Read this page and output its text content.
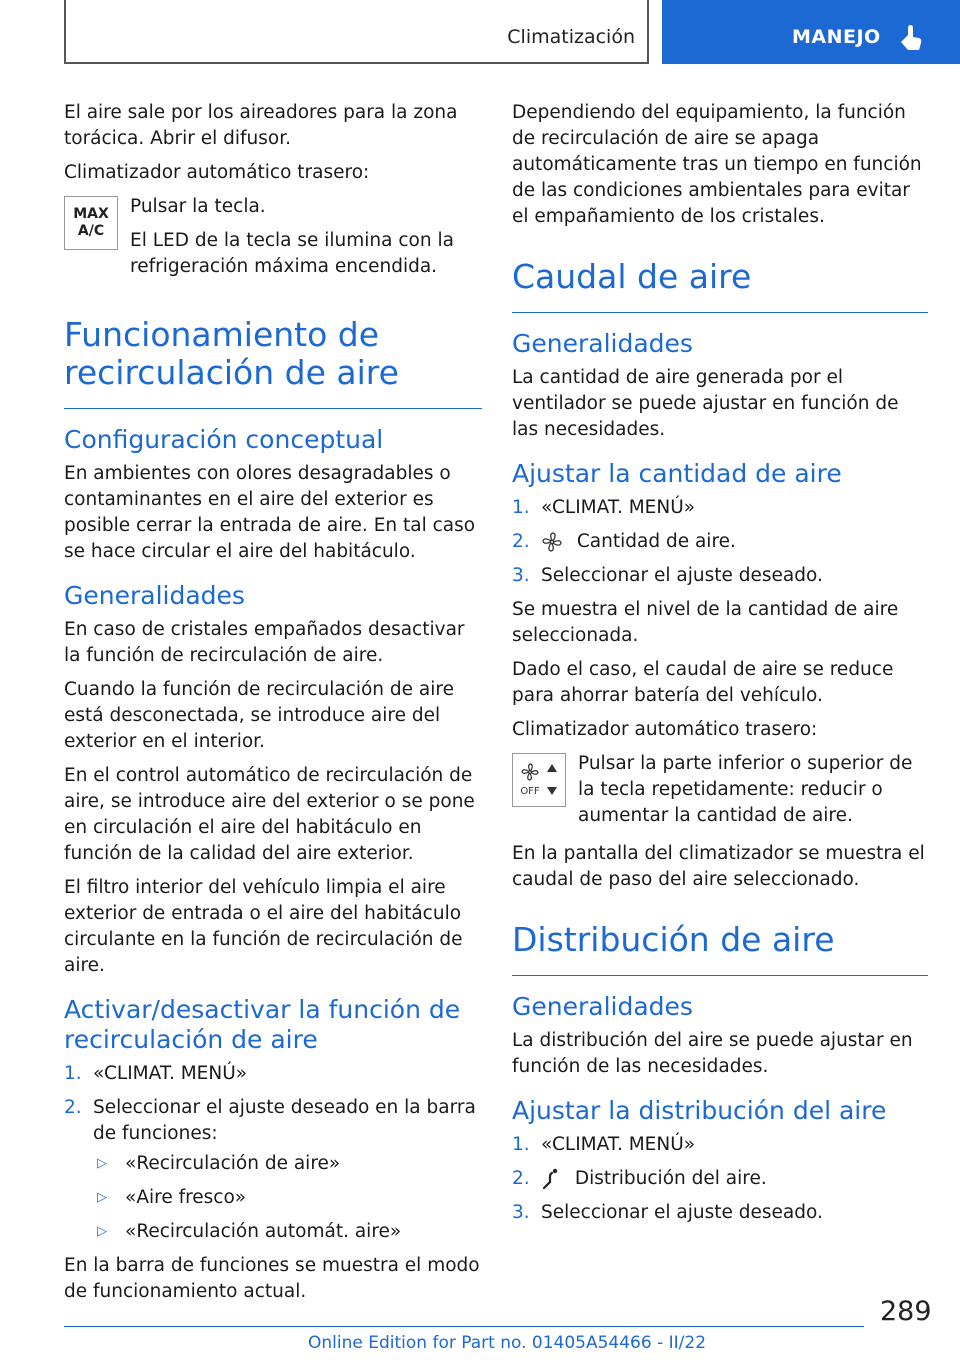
Climatización	MANEJO

El aire sale por los aireadores para la zona torácica. Abrir el difusor.

Climatizador automático trasero:

MAX
A/C

Pulsar la tecla.

El LED de la tecla se ilumina con la refrigeración máxima encendida.

Funcionamiento de recirculación de aire
Configuración conceptual

En ambientes con olores desagradables o contaminantes en el aire del exterior es posible cerrar la entrada de aire. En tal caso se hace circular el aire del habitáculo.

Generalidades

En caso de cristales empañados desactivar la función de recirculación de aire.

Cuando la función de recirculación de aire está desconectada, se introduce aire del exterior en el interior.

En el control automático de recirculación de aire, se introduce aire del exterior o se pone en circulación el aire del habitáculo en función de la calidad del aire exterior.

El filtro interior del vehículo limpia el aire exterior de entrada o el aire del habitáculo circulante en la función de recirculación de aire.

Activar/desactivar la función de recirculación de aire
1. «CLIMAT. MENÚ»
2. Seleccionar el ajuste deseado en la barra de funciones:
▷ «Recirculación de aire»
▷ «Aire fresco»
▷ «Recirculación automát. aire»

En la barra de funciones se muestra el modo de funcionamiento actual.

Dependiendo del equipamiento, la función de recirculación de aire se apaga automáticamente tras un tiempo en función de las condiciones ambientales para evitar el empañamiento de los cristales.

Caudal de aire
Generalidades

La cantidad de aire generada por el ventilador se puede ajustar en función de las necesidades.

Ajustar la cantidad de aire
1. «CLIMAT. MENÚ»
2.	Cantidad de aire.
3. Seleccionar el ajuste deseado.

Se muestra el nivel de la cantidad de aire seleccionada.

Dado el caso, el caudal de aire se reduce para ahorrar batería del vehículo.

Climatizador automático trasero:

OFF

Pulsar la parte inferior o superior de la tecla repetidamente: reducir o aumentar la cantidad de aire.

En la pantalla del climatizador se muestra el caudal de paso del aire seleccionado.

Distribución de aire
Generalidades

La distribución del aire se puede ajustar en función de las necesidades.

Ajustar la distribución del aire
1. «CLIMAT. MENÚ»
2. Distribución del aire.
3. Seleccionar el ajuste deseado.
289
Online Edition for Part no. 01405A54466 - II/22
